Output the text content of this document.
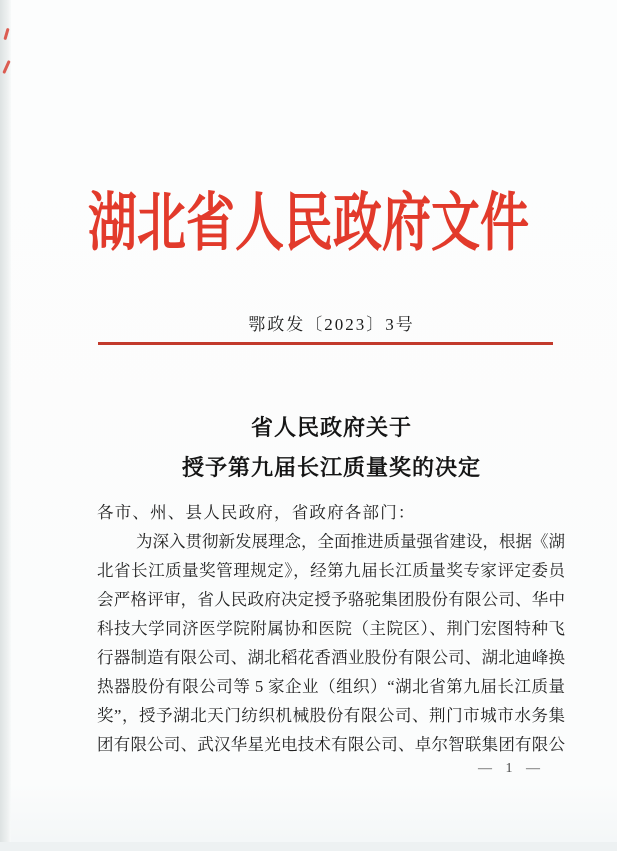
湖北省人民政府文件
鄂政发〔2023〕3号
省人民政府关于
授予第九届长江质量奖的决定
各市、州、县人民政府，省政府各部门：
为深入贯彻新发展理念，全面推进质量强省建设，根据《湖
北省长江质量奖管理规定》，经第九届长江质量奖专家评定委员
会严格评审，省人民政府决定授予骆驼集团股份有限公司、华中
科技大学同济医学院附属协和医院（主院区）、荆门宏图特种飞
行器制造有限公司、湖北稻花香酒业股份有限公司、湖北迪峰换
热器股份有限公司等 5 家企业（组织）“湖北省第九届长江质量
奖”，授予湖北天门纺织机械股份有限公司、荆门市城市水务集
团有限公司、武汉华星光电技术有限公司、卓尔智联集团有限公
— 1 —
